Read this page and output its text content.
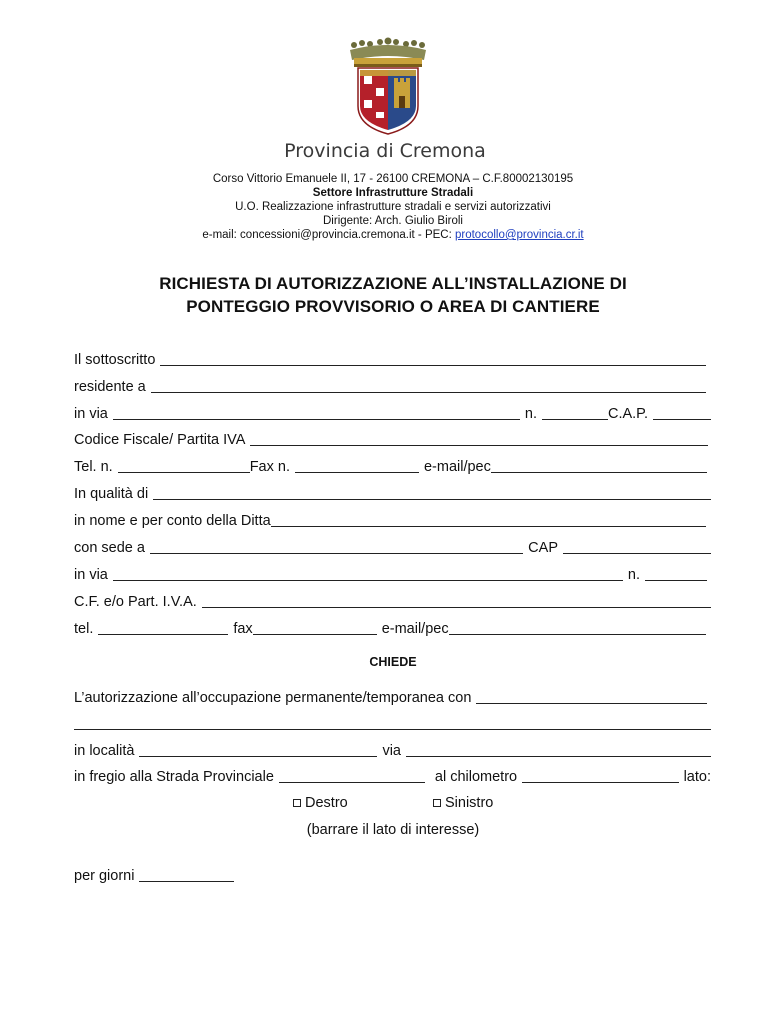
Provincia di Cremona
Corso Vittorio Emanuele II, 17 - 26100 CREMONA – C.F.80002130195
Settore Infrastrutture Stradali
U.O. Realizzazione infrastrutture stradali e servizi autorizzativi
Dirigente: Arch. Giulio Biroli
e-mail: concessioni@provincia.cremona.it - PEC: protocollo@provincia.cr.it
RICHIESTA DI AUTORIZZAZIONE ALL’INSTALLAZIONE DI
PONTEGGIO PROVVISORIO O AREA DI CANTIERE
Il sottoscritto
residente a
in via	n.	C.A.P.
Codice Fiscale/ Partita IVA
Tel. n.	Fax n.	e-mail/pec
In qualità di
in nome e per conto della Ditta
con sede a	CAP
in via	n.
C.F. e/o Part. I.V.A.
tel.	fax	e-mail/pec
CHIEDE
L’autorizzazione all’occupazione permanente/temporanea con
in località	via
in fregio alla Strada Provinciale	al chilometro	lato:
Destro	Sinistro
(barrare il lato di interesse)
per giorni
